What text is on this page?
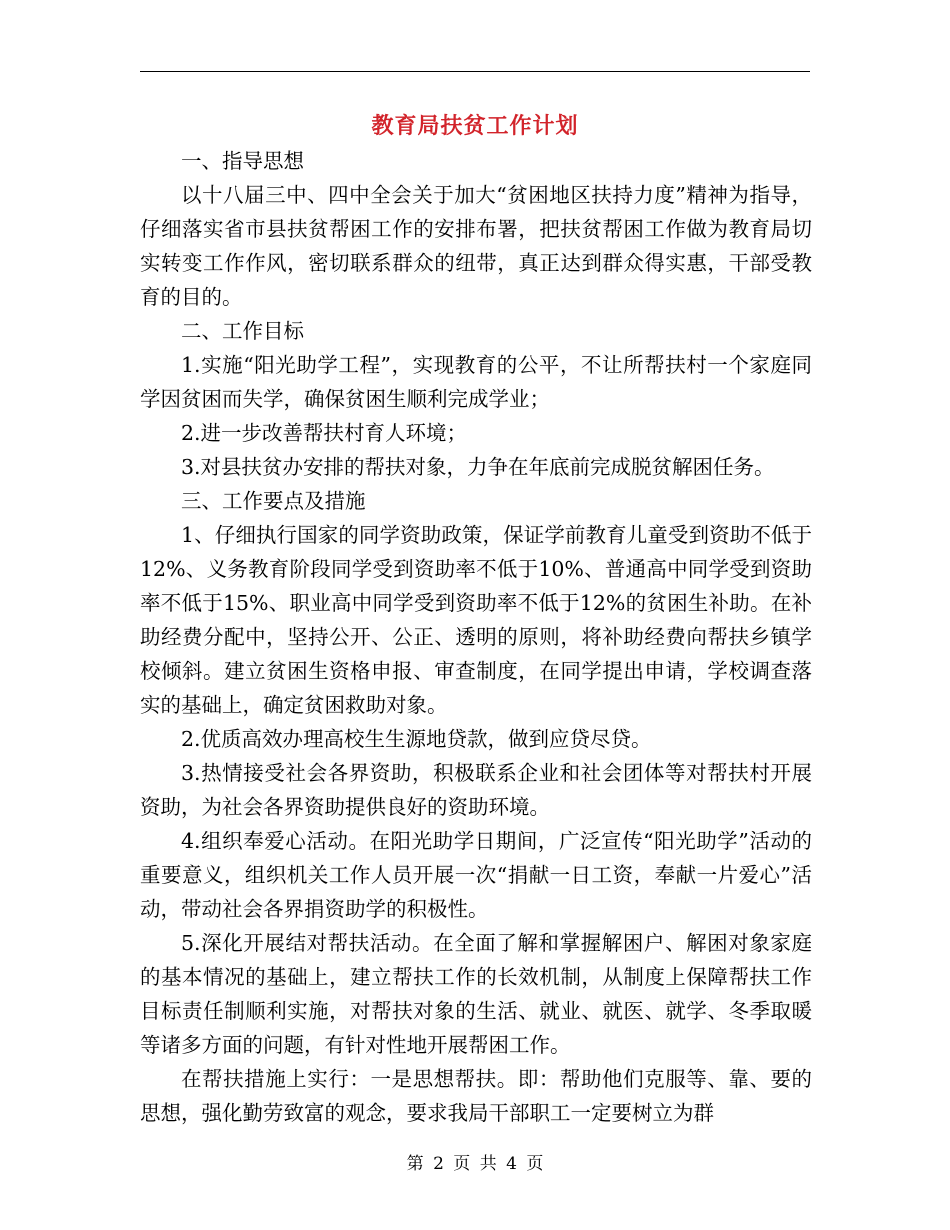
教育局扶贫工作计划

一、指导思想

以十八届三中、四中全会关于加大“贫困地区扶持力度”精神为指导，仔细落实省市县扶贫帮困工作的安排布署，把扶贫帮困工作做为教育局切实转变工作作风，密切联系群众的纽带，真正达到群众得实惠，干部受教育的目的。

二、工作目标

1.实施“阳光助学工程”，实现教育的公平，不让所帮扶村一个家庭同学因贫困而失学，确保贫困生顺利完成学业；

2.进一步改善帮扶村育人环境；

3.对县扶贫办安排的帮扶对象，力争在年底前完成脱贫解困任务。

三、工作要点及措施

1、仔细执行国家的同学资助政策，保证学前教育儿童受到资助不低于12%、义务教育阶段同学受到资助率不低于10%、普通高中同学受到资助率不低于15%、职业高中同学受到资助率不低于12%的贫困生补助。在补助经费分配中，坚持公开、公正、透明的原则，将补助经费向帮扶乡镇学校倾斜。建立贫困生资格申报、审查制度，在同学提出申请，学校调查落实的基础上，确定贫困救助对象。

2.优质高效办理高校生生源地贷款，做到应贷尽贷。

3.热情接受社会各界资助，积极联系企业和社会团体等对帮扶村开展资助，为社会各界资助提供良好的资助环境。

4.组织奉爱心活动。在阳光助学日期间，广泛宣传“阳光助学”活动的重要意义，组织机关工作人员开展一次“捐献一日工资，奉献一片爱心”活动，带动社会各界捐资助学的积极性。

5.深化开展结对帮扶活动。在全面了解和掌握解困户、解困对象家庭的基本情况的基础上，建立帮扶工作的长效机制，从制度上保障帮扶工作目标责任制顺利实施，对帮扶对象的生活、就业、就医、就学、冬季取暖等诸多方面的问题，有针对性地开展帮困工作。

在帮扶措施上实行：一是思想帮扶。即：帮助他们克服等、靠、要的思想，强化勤劳致富的观念，要求我局干部职工一定要树立为群

第 2 页 共 4 页
